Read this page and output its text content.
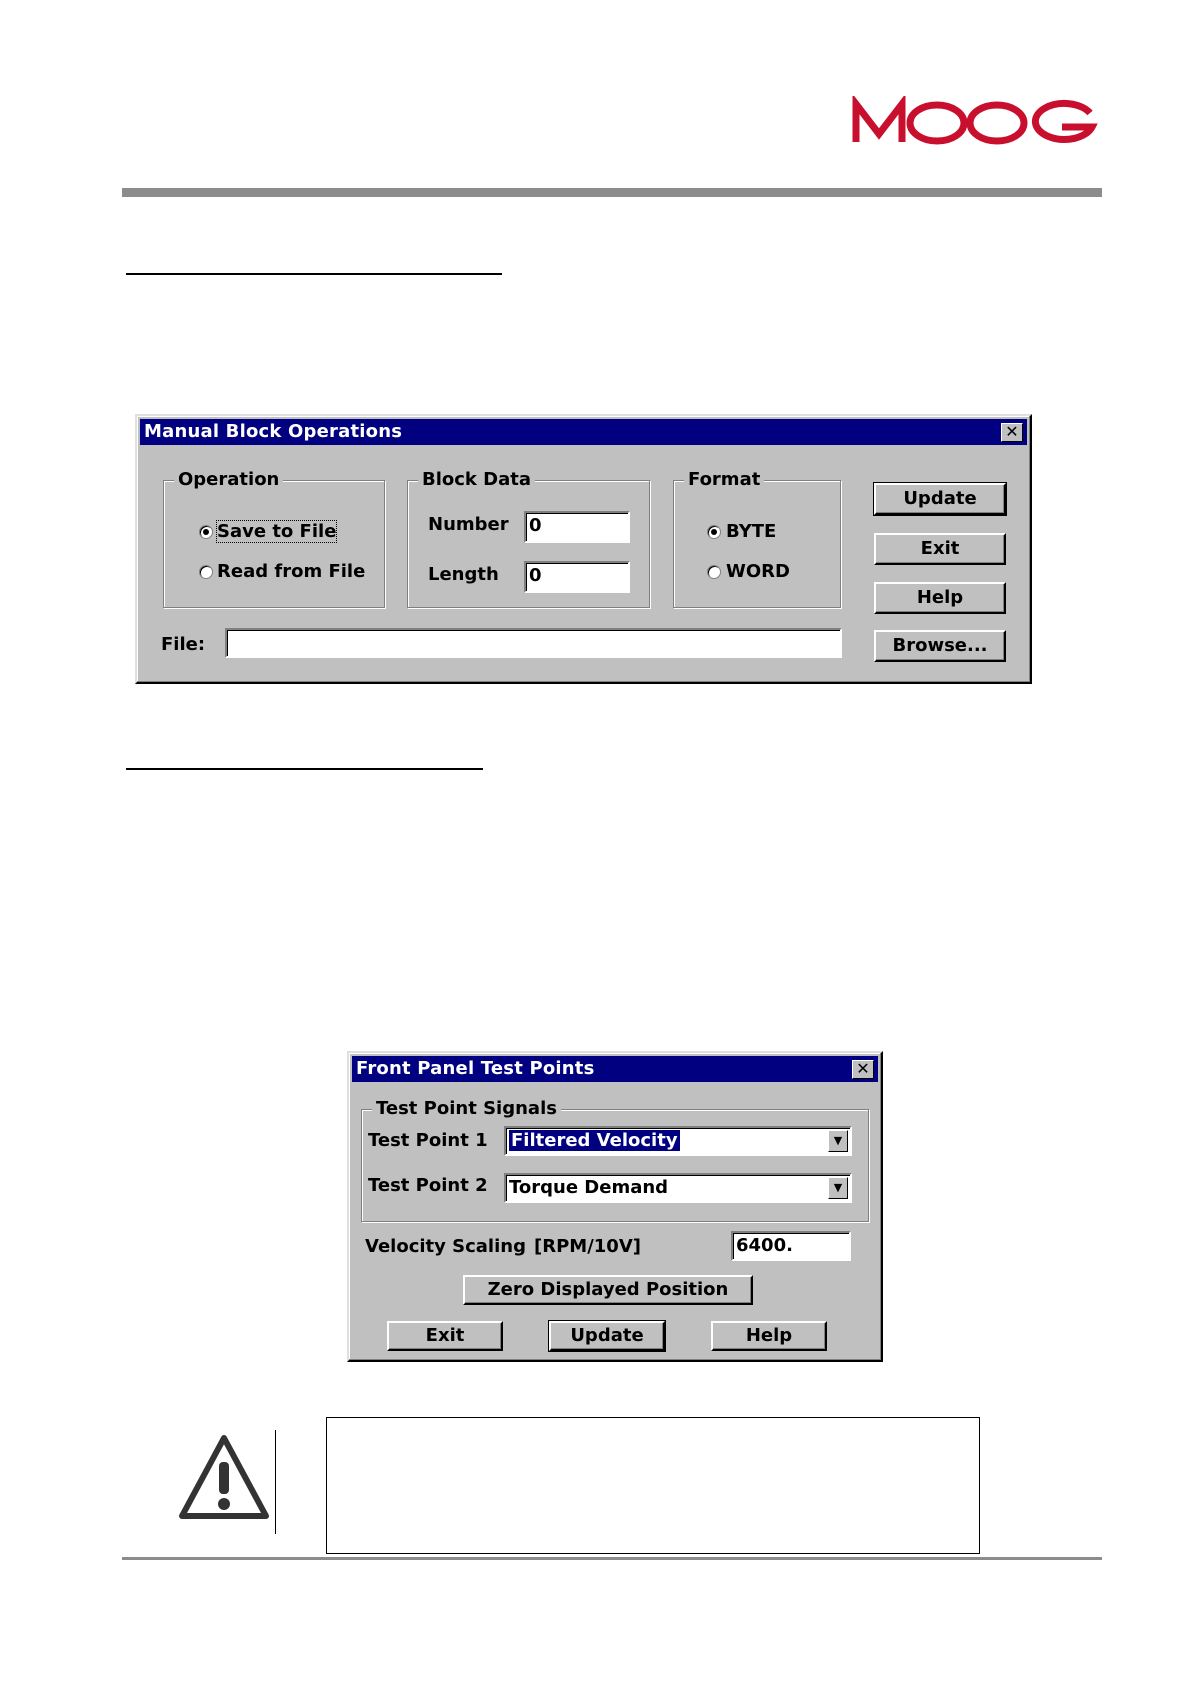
Manual Block Operations	✕
Operation
Save to File
Read from File
Block Data
Number 0
Length 0
Format
BYTE
WORD
Update
Exit
Help
Browse...
File:
Front Panel Test Points	✕
Test Point Signals
Test Point 1	Filtered Velocity	▼
Test Point 2 Torque Demand	▼
Velocity Scaling [RPM/10V]	6400.
Zero Displayed Position
Exit	Update	Help
